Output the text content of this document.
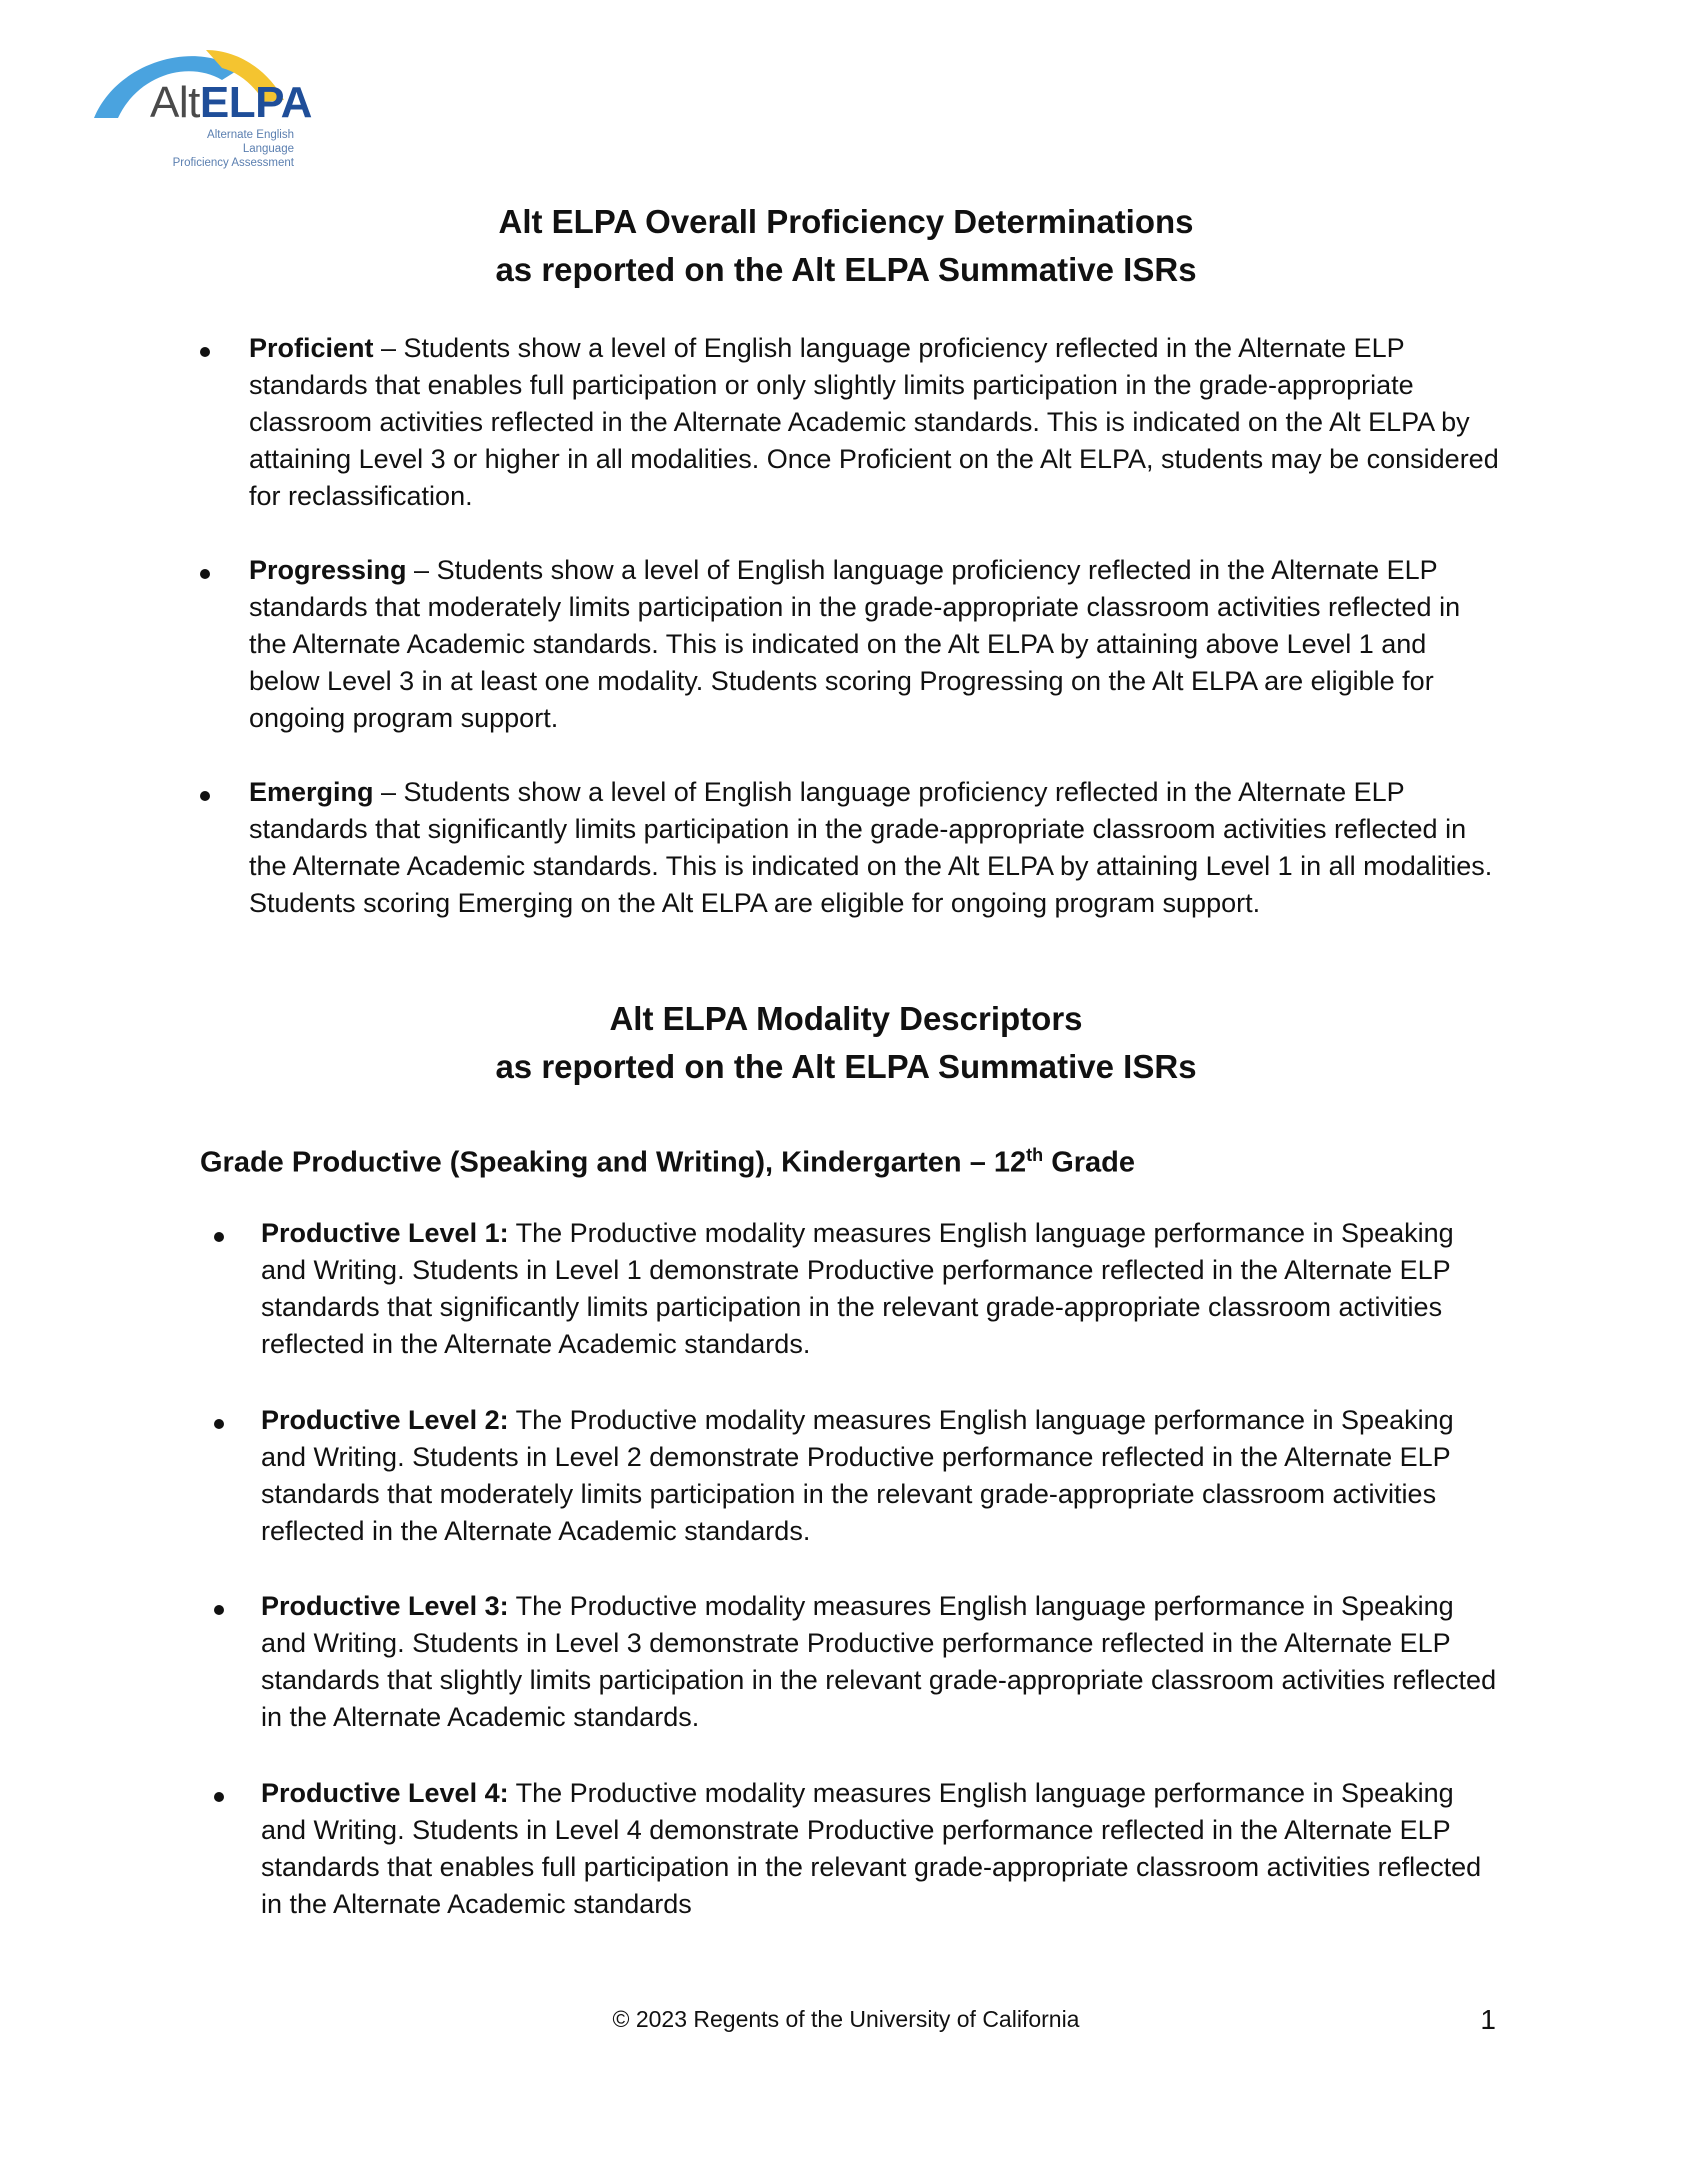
AltELPA
Alternate English Language
Proficiency Assessment
Alt ELPA Overall Proficiency Determinations
as reported on the Alt ELPA Summative ISRs
Proficient – Students show a level of English language proficiency reflected in the Alternate ELP standards that enables full participation or only slightly limits participation in the grade-appropriate classroom activities reflected in the Alternate Academic standards. This is indicated on the Alt ELPA by attaining Level 3 or higher in all modalities. Once Proficient on the Alt ELPA, students may be considered for reclassification.
Progressing – Students show a level of English language proficiency reflected in the Alternate ELP standards that moderately limits participation in the grade-appropriate classroom activities reflected in the Alternate Academic standards. This is indicated on the Alt ELPA by attaining above Level 1 and below Level 3 in at least one modality. Students scoring Progressing on the Alt ELPA are eligible for ongoing program support.
Emerging – Students show a level of English language proficiency reflected in the Alternate ELP standards that significantly limits participation in the grade-appropriate classroom activities reflected in the Alternate Academic standards. This is indicated on the Alt ELPA by attaining Level 1 in all modalities. Students scoring Emerging on the Alt ELPA are eligible for ongoing program support.
Alt ELPA Modality Descriptors
as reported on the Alt ELPA Summative ISRs
Grade Productive (Speaking and Writing), Kindergarten – 12th Grade
Productive Level 1: The Productive modality measures English language performance in Speaking and Writing. Students in Level 1 demonstrate Productive performance reflected in the Alternate ELP standards that significantly limits participation in the relevant grade-appropriate classroom activities reflected in the Alternate Academic standards.
Productive Level 2: The Productive modality measures English language performance in Speaking and Writing. Students in Level 2 demonstrate Productive performance reflected in the Alternate ELP standards that moderately limits participation in the relevant grade-appropriate classroom activities reflected in the Alternate Academic standards.
Productive Level 3: The Productive modality measures English language performance in Speaking and Writing. Students in Level 3 demonstrate Productive performance reflected in the Alternate ELP standards that slightly limits participation in the relevant grade-appropriate classroom activities reflected in the Alternate Academic standards.
Productive Level 4: The Productive modality measures English language performance in Speaking and Writing. Students in Level 4 demonstrate Productive performance reflected in the Alternate ELP standards that enables full participation in the relevant grade-appropriate classroom activities reflected in the Alternate Academic standards
© 2023 Regents of the University of California	1
